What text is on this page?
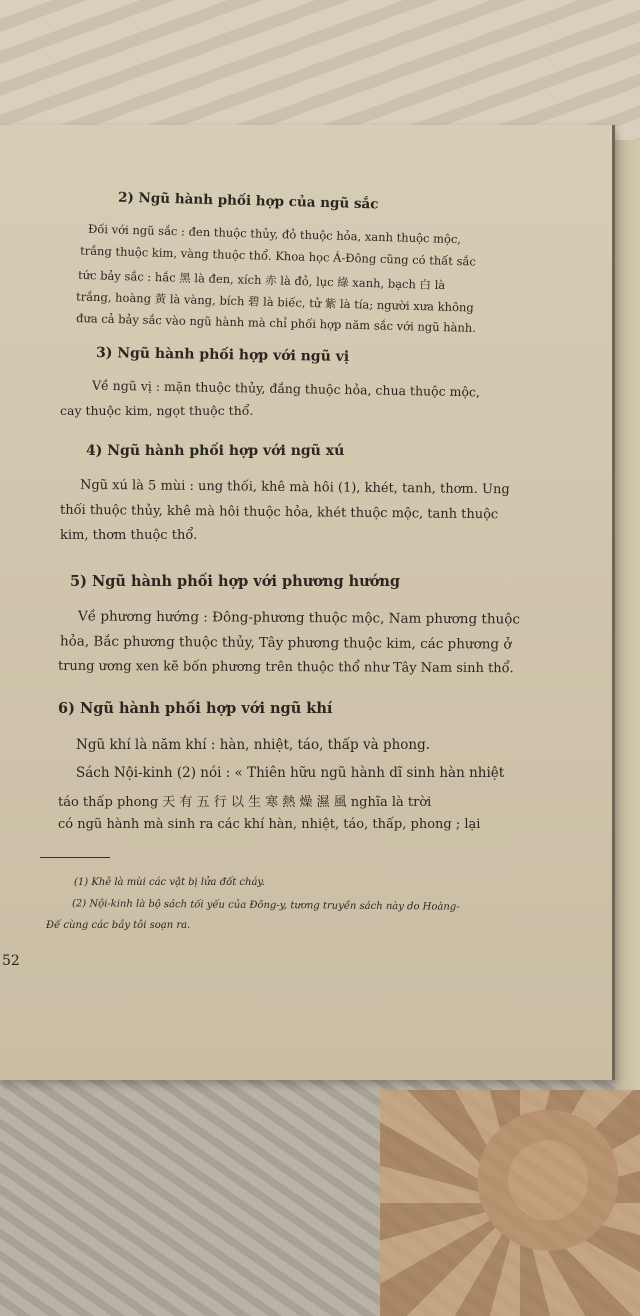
2) Ngũ hành phối hợp của ngũ sắc
Đối với ngũ sắc : đen thuộc thủy, đỏ thuộc hỏa, xanh thuộc mộc,
trắng thuộc kim, vàng thuộc thổ. Khoa học Á-Đông cũng có thất sắc
tức bảy sắc : hắc 黑 là đen, xích 赤 là đỏ, lục 綠 xanh, bạch 白 là
trắng, hoàng 黃 là vàng, bích 碧 là biếc, tử 紫 là tía; người xưa không
đưa cả bảy sắc vào ngũ hành mà chỉ phối hợp năm sắc với ngũ hành.
3) Ngũ hành phối hợp với ngũ vị
Về ngũ vị : mặn thuộc thủy, đắng thuộc hỏa, chua thuộc mộc,
cay thuộc kim, ngọt thuộc thổ.
4) Ngũ hành phối hợp với ngũ xú
Ngũ xú là 5 mùi : ung thối, khê mà hôi (1), khét, tanh, thơm. Ung
thối thuộc thủy, khê mà hôi thuộc hỏa, khét thuộc mộc, tanh thuộc
kim, thơm thuộc thổ.
5) Ngũ hành phối hợp với phương hướng
Về phương hướng : Đông-phương thuộc mộc, Nam phương thuộc
hỏa, Bắc phương thuộc thủy, Tây phương thuộc kim, các phương ở
trung ương xen kẽ bốn phương trên thuộc thổ như Tây Nam sinh thổ.
6) Ngũ hành phối hợp với ngũ khí
Ngũ khí là năm khí : hàn, nhiệt, táo, thấp và phong.
Sách Nội-kinh (2) nói : « Thiên hữu ngũ hành dĩ sinh hàn nhiệt
táo thấp phong 天 有 五 行 以 生 寒 熱 燥 濕 風 nghĩa là trời
có ngũ hành mà sinh ra các khí hàn, nhiệt, táo, thấp, phong ; lại
(1) Khê là mùi các vật bị lửa đốt cháy.
(2) Nội-kinh là bộ sách tối yếu của Đông-y, tương truyền sách này do Hoàng-
Đế cùng các bầy tôi soạn ra.
52
